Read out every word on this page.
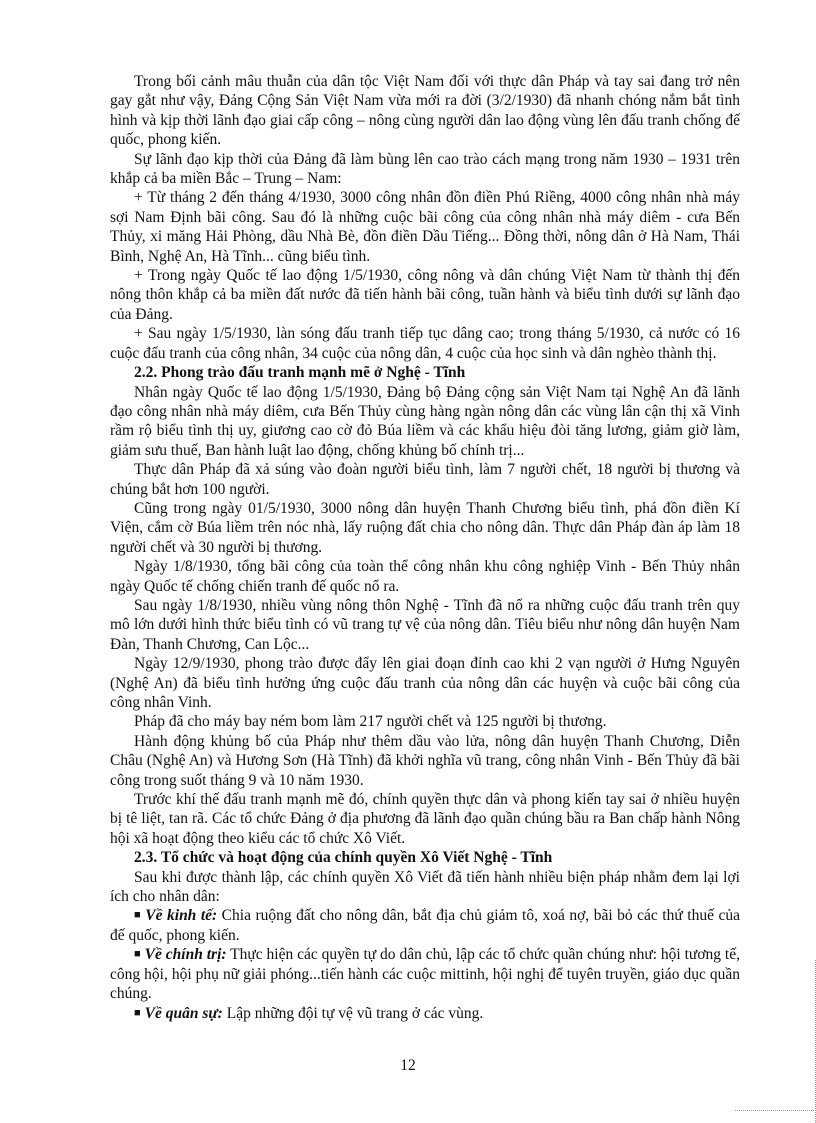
Trong bối cảnh mâu thuẫn của dân tộc Việt Nam đối với thực dân Pháp và tay sai đang trở nên gay gắt như vậy, Đảng Cộng Sản Việt Nam vừa mới ra đời (3/2/1930) đã nhanh chóng nắm bắt tình hình và kịp thời lãnh đạo giai cấp công – nông cùng người dân lao động vùng lên đấu tranh chống đế quốc, phong kiến.

Sự lãnh đạo kịp thời của Đảng đã làm bùng lên cao trào cách mạng trong năm 1930 – 1931 trên khắp cả ba miền Bắc – Trung – Nam:

+ Từ tháng 2 đến tháng 4/1930, 3000 công nhân đồn điền Phú Riềng, 4000 công nhân nhà máy sợi Nam Định bãi công. Sau đó là những cuộc bãi công của công nhân nhà máy diêm - cưa Bến Thủy, xi măng Hải Phòng, dầu Nhà Bè, đồn điền Dầu Tiếng... Đồng thời, nông dân ở Hà Nam, Thái Bình, Nghệ An, Hà Tĩnh... cũng biểu tình.

+ Trong ngày Quốc tế lao động 1/5/1930, công nông và dân chúng Việt Nam từ thành thị đến nông thôn khắp cả ba miền đất nước đã tiến hành bãi công, tuần hành và biểu tình dưới sự lãnh đạo của Đảng.

+ Sau ngày 1/5/1930, làn sóng đấu tranh tiếp tục dâng cao; trong tháng 5/1930, cả nước có 16 cuộc đấu tranh của công nhân, 34 cuộc của nông dân, 4 cuộc của học sinh và dân nghèo thành thị.

2.2. Phong trào đấu tranh mạnh mẽ ở Nghệ - Tĩnh

Nhân ngày Quốc tế lao động 1/5/1930, Đảng bộ Đảng cộng sản Việt Nam tại Nghệ An đã lãnh đạo công nhân nhà máy diêm, cưa Bến Thủy cùng hàng ngàn nông dân các vùng lân cận thị xã Vinh rầm rộ biểu tình thị uy, giương cao cờ đỏ Búa liềm và các khẩu hiệu đòi tăng lương, giảm giờ làm, giảm sưu thuế, Ban hành luật lao động, chống khủng bố chính trị...

Thực dân Pháp đã xả súng vào đoàn người biểu tình, làm 7 người chết, 18 người bị thương và chúng bắt hơn 100 người.

Cũng trong ngày 01/5/1930, 3000 nông dân huyện Thanh Chương biểu tình, phá đồn điền Kí Viện, cắm cờ Búa liềm trên nóc nhà, lấy ruộng đất chia cho nông dân. Thực dân Pháp đàn áp làm 18 người chết và 30 người bị thương.

Ngày 1/8/1930, tổng bãi công của toàn thể công nhân khu công nghiệp Vinh - Bến Thủy nhân ngày Quốc tế chống chiến tranh đế quốc nổ ra.

Sau ngày 1/8/1930, nhiều vùng nông thôn Nghệ - Tĩnh đã nổ ra những cuộc đấu tranh trên quy mô lớn dưới hình thức biểu tình có vũ trang tự vệ của nông dân. Tiêu biểu như nông dân huyện Nam Đàn, Thanh Chương, Can Lộc...

Ngày 12/9/1930, phong trào được đẩy lên giai đoạn đỉnh cao khi 2 vạn người ở Hưng Nguyên (Nghệ An) đã biểu tình hưởng ứng cuộc đấu tranh của nông dân các huyện và cuộc bãi công của công nhân Vinh.

Pháp đã cho máy bay ném bom làm 217 người chết và 125 người bị thương.

Hành động khủng bố của Pháp như thêm dầu vào lửa, nông dân huyện Thanh Chương, Diễn Châu (Nghệ An) và Hương Sơn (Hà Tĩnh) đã khởi nghĩa vũ trang, công nhân Vinh - Bến Thủy đã bãi công trong suốt tháng 9 và 10 năm 1930.

Trước khí thế đấu tranh mạnh mẽ đó, chính quyền thực dân và phong kiến tay sai ở nhiều huyện bị tê liệt, tan rã. Các tổ chức Đảng ở địa phương đã lãnh đạo quần chúng bầu ra Ban chấp hành Nông hội xã hoạt động theo kiểu các tổ chức Xô Viết.

2.3. Tổ chức và hoạt động của chính quyền Xô Viết Nghệ - Tĩnh

Sau khi được thành lập, các chính quyền Xô Viết đã tiến hành nhiều biện pháp nhằm đem lại lợi ích cho nhân dân:

■ Về kinh tế: Chia ruộng đất cho nông dân, bắt địa chủ giảm tô, xoá nợ, bãi bỏ các thứ thuế của đế quốc, phong kiến.

■ Về chính trị: Thực hiện các quyền tự do dân chủ, lập các tổ chức quần chúng như: hội tương tế, công hội, hội phụ nữ giải phóng...tiến hành các cuộc mittinh, hội nghị để tuyên truyền, giáo dục quần chúng.

■ Về quân sự: Lập những đội tự vệ vũ trang ở các vùng.

12
